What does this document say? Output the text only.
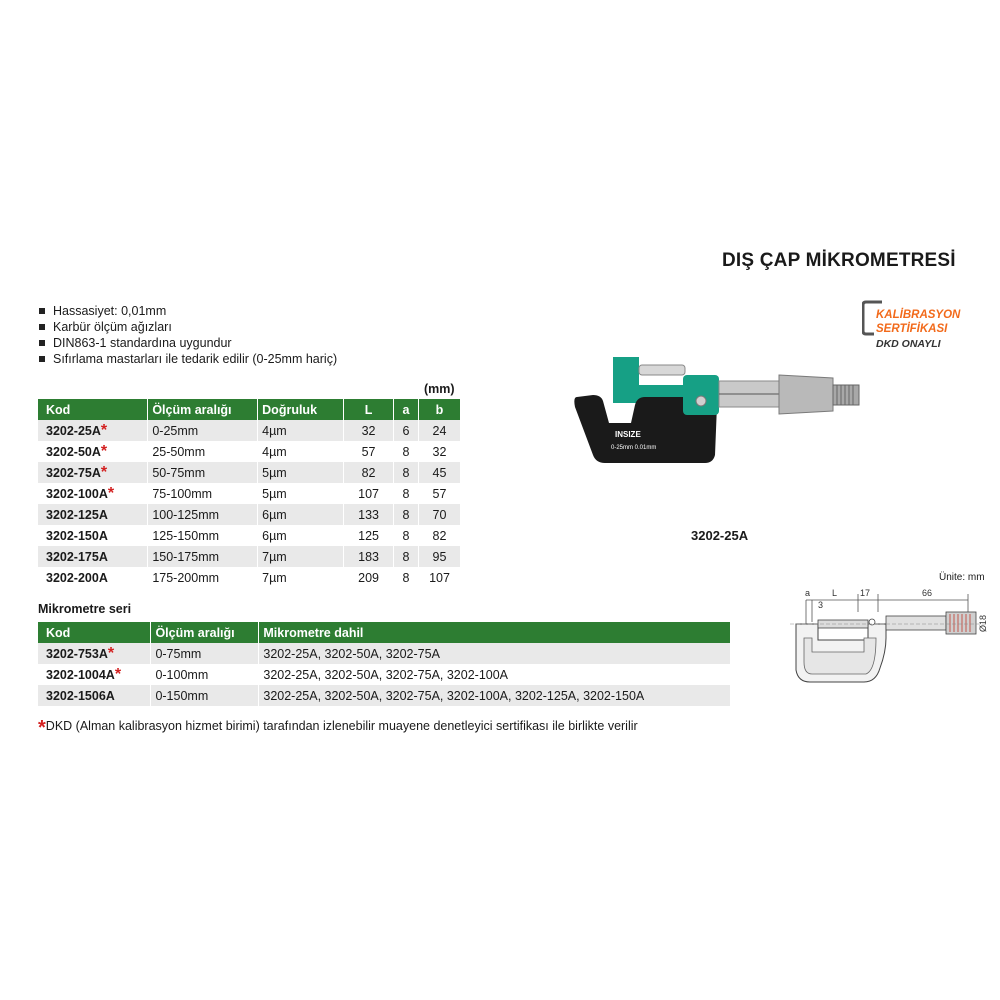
DIŞ ÇAP MİKROMETRESİ
Hassasiyet: 0,01mm
Karbür ölçüm ağızları
DIN863-1 standardına uygundur
Sıfırlama mastarları ile tedarik edilir (0-25mm hariç)
(mm)
Kod	Ölçüm aralığı	Doğruluk	L	a	b
3202-25A*	0-25mm	4µm	32	6	24
3202-50A*	25-50mm	4µm	57	8	32
3202-75A*	50-75mm	5µm	82	8	45
3202-100A*	75-100mm	5µm	107	8	57
3202-125A	100-125mm	6µm	133	8	70
3202-150A	125-150mm	6µm	125	8	82
3202-175A	150-175mm	7µm	183	8	95
3202-200A	175-200mm	7µm	209	8	107
Mikrometre seri
Kod	Ölçüm aralığı	Mikrometre dahil
3202-753A*	0-75mm	3202-25A, 3202-50A, 3202-75A
3202-1004A*	0-100mm	3202-25A, 3202-50A, 3202-75A, 3202-100A
3202-1506A	0-150mm	3202-25A, 3202-50A, 3202-75A, 3202-100A, 3202-125A, 3202-150A
*DKD (Alman kalibrasyon hizmet birimi) tarafından izlenebilir muayene denetleyici sertifikası ile birlikte verilir
KALİBRASYON
SERTİFİKASI
DKD ONAYLI
INSIZE
0-25mm 0.01mm
3202-25A
Ünite: mm
a L	17	66
3
Ø18
